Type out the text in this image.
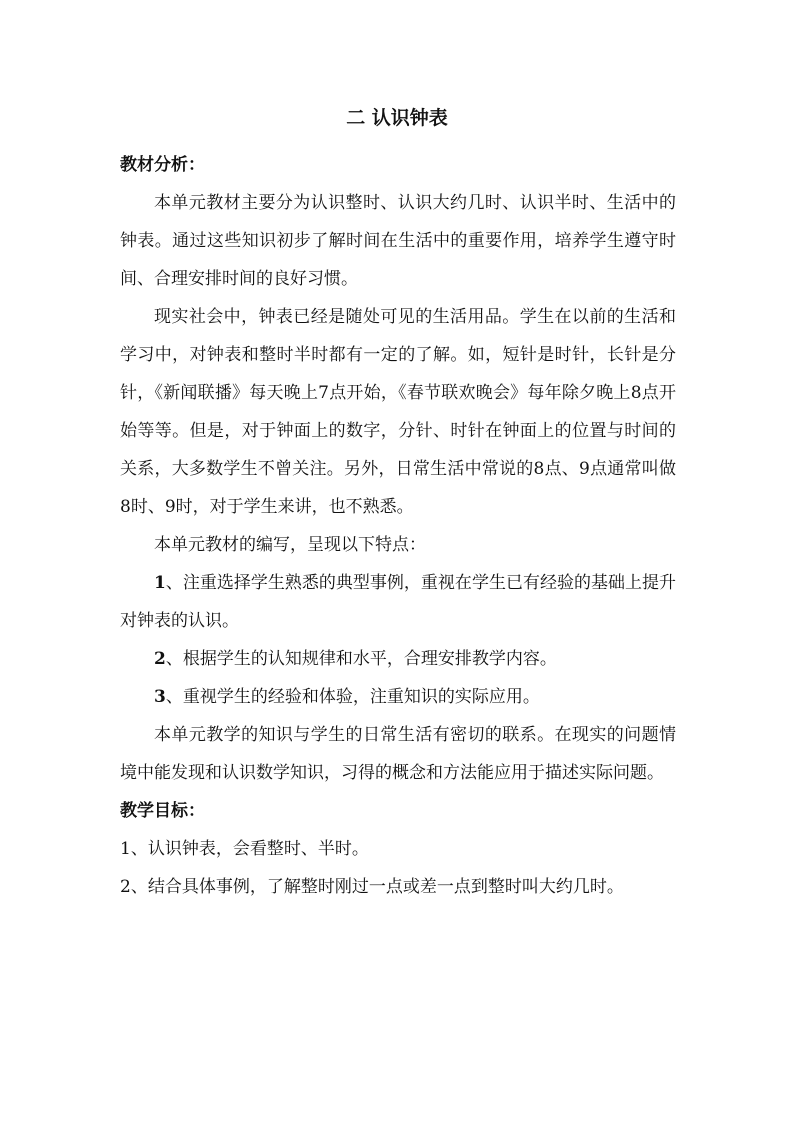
二 认识钟表

教材分析：

本单元教材主要分为认识整时、认识大约几时、认识半时、生活中的钟表。通过这些知识初步了解时间在生活中的重要作用，培养学生遵守时间、合理安排时间的良好习惯。

现实社会中，钟表已经是随处可见的生活用品。学生在以前的生活和学习中，对钟表和整时半时都有一定的了解。如，短针是时针，长针是分针，《新闻联播》每天晚上7点开始，《春节联欢晚会》每年除夕晚上8点开始等等。但是，对于钟面上的数字，分针、时针在钟面上的位置与时间的关系，大多数学生不曾关注。另外，日常生活中常说的8点、9点通常叫做8时、9时，对于学生来讲，也不熟悉。

本单元教材的编写，呈现以下特点：

1、注重选择学生熟悉的典型事例，重视在学生已有经验的基础上提升对钟表的认识。

2、根据学生的认知规律和水平，合理安排教学内容。

3、重视学生的经验和体验，注重知识的实际应用。

本单元教学的知识与学生的日常生活有密切的联系。在现实的问题情境中能发现和认识数学知识，习得的概念和方法能应用于描述实际问题。

教学目标：

1、认识钟表，会看整时、半时。

2、结合具体事例，了解整时刚过一点或差一点到整时叫大约几时。
